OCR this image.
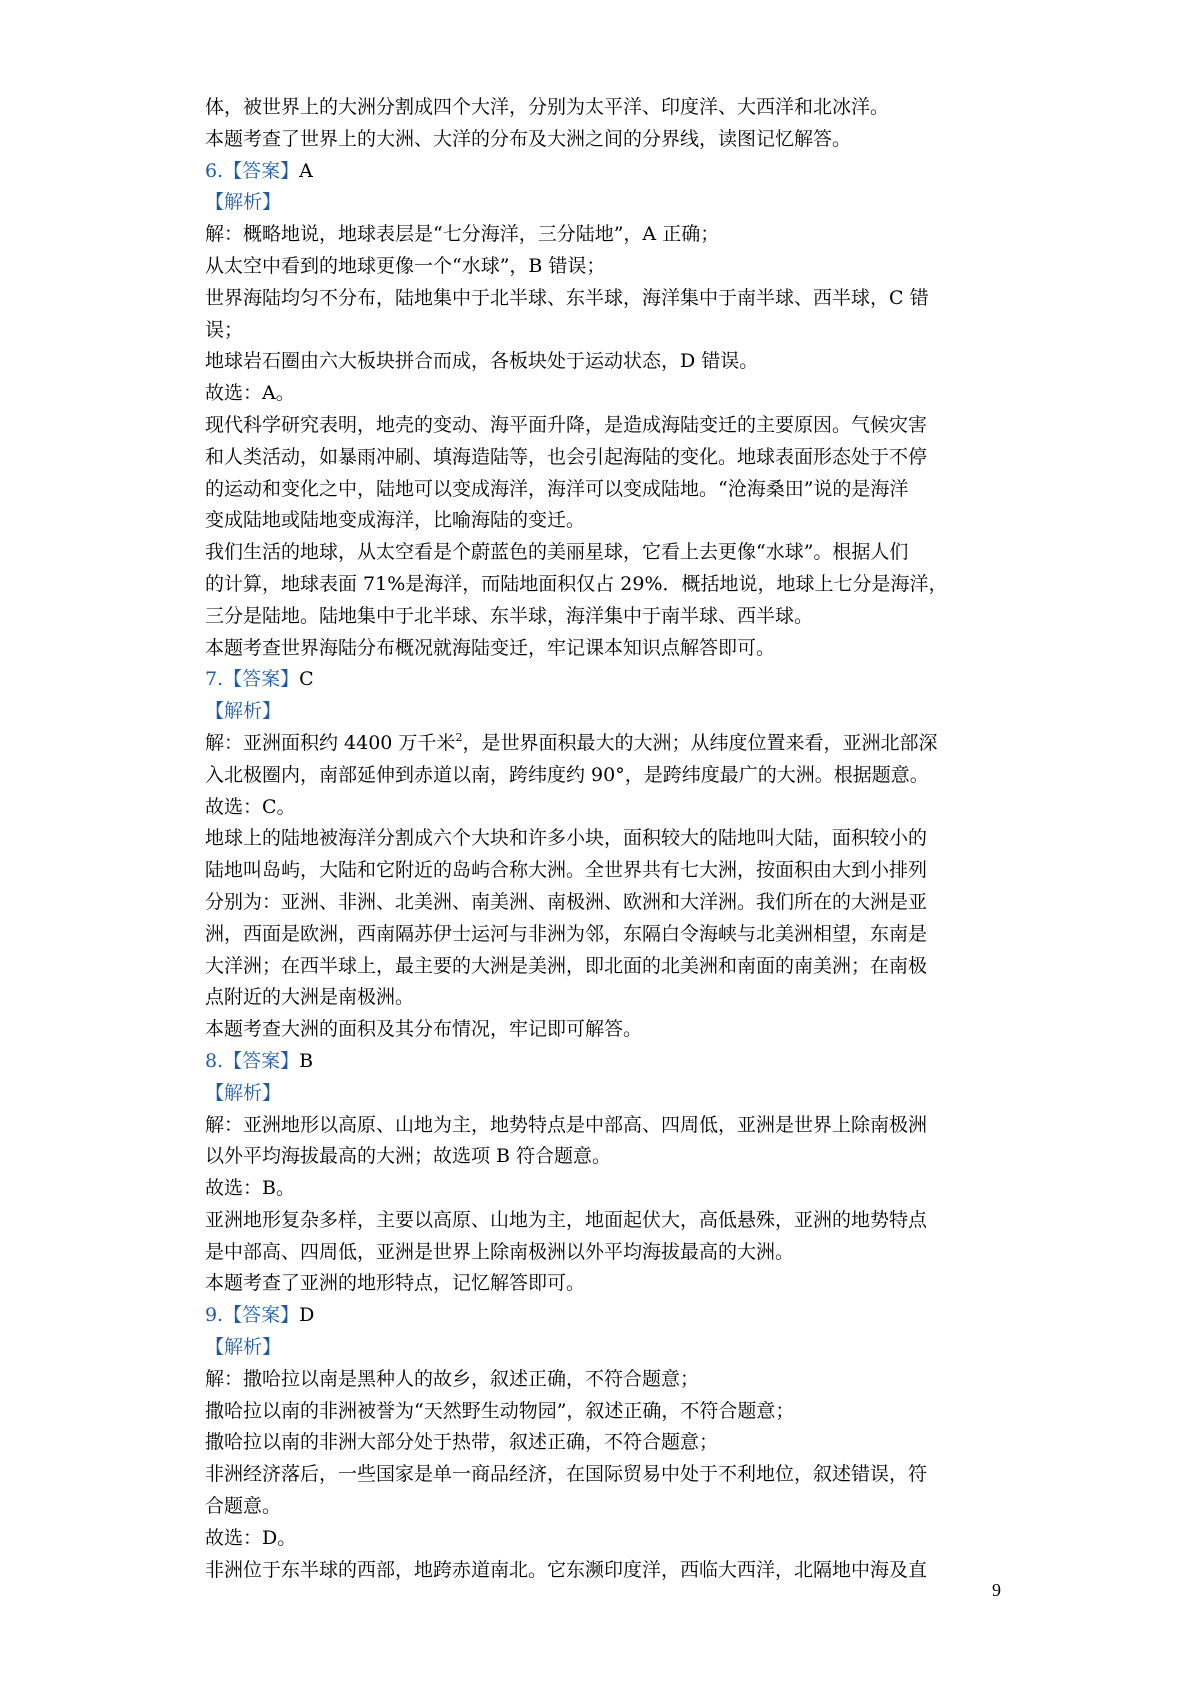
体，被世界上的大洲分割成四个大洋，分别为太平洋、印度洋、大西洋和北冰洋。
本题考查了世界上的大洲、大洋的分布及大洲之间的分界线，读图记忆解答。
6.【答案】A
【解析】
解：概略地说，地球表层是“七分海洋，三分陆地”，A 正确；
从太空中看到的地球更像一个“水球”，B 错误；
世界海陆均匀不分布，陆地集中于北半球、东半球，海洋集中于南半球、西半球，C 错
误；
地球岩石圈由六大板块拼合而成，各板块处于运动状态，D 错误。
故选：A。
现代科学研究表明，地壳的变动、海平面升降，是造成海陆变迁的主要原因。气候灾害
和人类活动，如暴雨冲刷、填海造陆等，也会引起海陆的变化。地球表面形态处于不停
的运动和变化之中，陆地可以变成海洋，海洋可以变成陆地。“沧海桑田”说的是海洋
变成陆地或陆地变成海洋，比喻海陆的变迁。
我们生活的地球，从太空看是个蔚蓝色的美丽星球，它看上去更像“水球”。根据人们
的计算，地球表面 71%是海洋，而陆地面积仅占 29%．概括地说，地球上七分是海洋，
三分是陆地。陆地集中于北半球、东半球，海洋集中于南半球、西半球。
本题考查世界海陆分布概况就海陆变迁，牢记课本知识点解答即可。
7.【答案】C
【解析】
解：亚洲面积约 4400 万千米$^2$，是世界面积最大的大洲；从纬度位置来看，亚洲北部深
入北极圈内，南部延伸到赤道以南，跨纬度约 90°，是跨纬度最广的大洲。根据题意。
故选：C。
地球上的陆地被海洋分割成六个大块和许多小块，面积较大的陆地叫大陆，面积较小的
陆地叫岛屿，大陆和它附近的岛屿合称大洲。全世界共有七大洲，按面积由大到小排列
分别为：亚洲、非洲、北美洲、南美洲、南极洲、欧洲和大洋洲。我们所在的大洲是亚
洲，西面是欧洲，西南隔苏伊士运河与非洲为邻，东隔白令海峡与北美洲相望，东南是
大洋洲；在西半球上，最主要的大洲是美洲，即北面的北美洲和南面的南美洲；在南极
点附近的大洲是南极洲。
本题考查大洲的面积及其分布情况，牢记即可解答。
8.【答案】B
【解析】
解：亚洲地形以高原、山地为主，地势特点是中部高、四周低，亚洲是世界上除南极洲
以外平均海拔最高的大洲；故选项 B 符合题意。
故选：B。
亚洲地形复杂多样，主要以高原、山地为主，地面起伏大，高低悬殊，亚洲的地势特点
是中部高、四周低，亚洲是世界上除南极洲以外平均海拔最高的大洲。
本题考查了亚洲的地形特点，记忆解答即可。
9.【答案】D
【解析】
解：撒哈拉以南是黑种人的故乡，叙述正确，不符合题意；
撒哈拉以南的非洲被誉为“天然野生动物园”，叙述正确，不符合题意；
撒哈拉以南的非洲大部分处于热带，叙述正确，不符合题意；
非洲经济落后，一些国家是单一商品经济，在国际贸易中处于不利地位，叙述错误，符
合题意。
故选：D。
非洲位于东半球的西部，地跨赤道南北。它东濒印度洋，西临大西洋，北隔地中海及直
9
